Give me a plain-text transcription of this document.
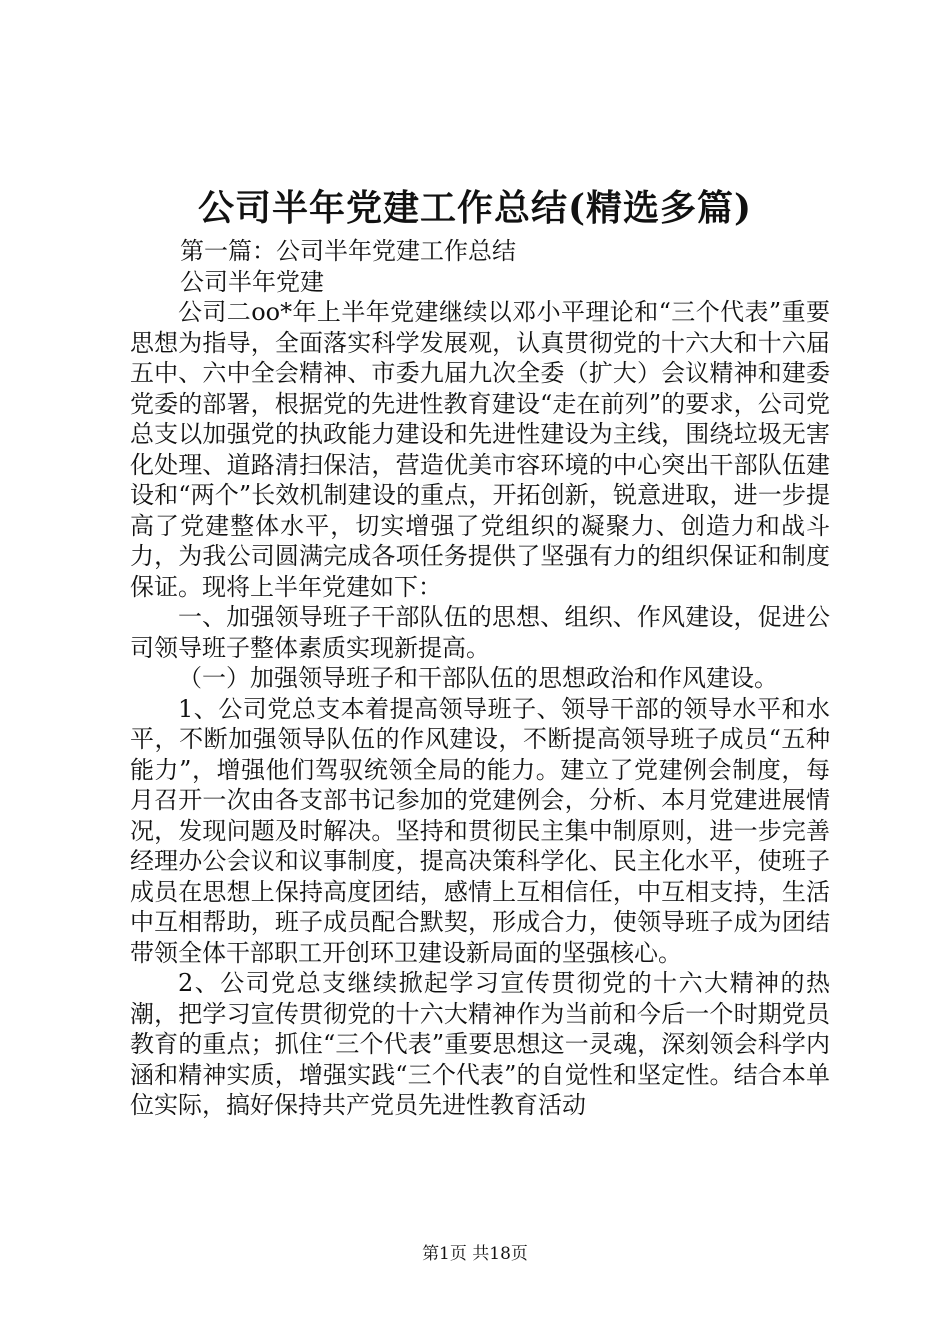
公司半年党建工作总结(精选多篇)

第一篇：公司半年党建工作总结

公司半年党建

公司二oo*年上半年党建继续以邓小平理论和“三个代表”重要思想为指导，全面落实科学发展观，认真贯彻党的十六大和十六届五中、六中全会精神、市委九届九次全委（扩大）会议精神和建委党委的部署，根据党的先进性教育建设“走在前列”的要求，公司党总支以加强党的执政能力建设和先进性建设为主线，围绕垃圾无害化处理、道路清扫保洁，营造优美市容环境的中心突出干部队伍建设和“两个”长效机制建设的重点，开拓创新，锐意进取，进一步提高了党建整体水平，切实增强了党组织的凝聚力、创造力和战斗力，为我公司圆满完成各项任务提供了坚强有力的组织保证和制度保证。现将上半年党建如下：

一、加强领导班子干部队伍的思想、组织、作风建设，促进公司领导班子整体素质实现新提高。

（一）加强领导班子和干部队伍的思想政治和作风建设。

1、公司党总支本着提高领导班子、领导干部的领导水平和水平，不断加强领导队伍的作风建设，不断提高领导班子成员“五种能力”，增强他们驾驭统领全局的能力。建立了党建例会制度，每月召开一次由各支部书记参加的党建例会，分析、本月党建进展情况，发现问题及时解决。坚持和贯彻民主集中制原则，进一步完善经理办公会议和议事制度，提高决策科学化、民主化水平，使班子成员在思想上保持高度团结，感情上互相信任，中互相支持，生活中互相帮助，班子成员配合默契，形成合力，使领导班子成为团结带领全体干部职工开创环卫建设新局面的坚强核心。

2、公司党总支继续掀起学习宣传贯彻党的十六大精神的热潮，把学习宣传贯彻党的十六大精神作为当前和今后一个时期党员教育的重点；抓住“三个代表”重要思想这一灵魂，深刻领会科学内涵和精神实质，增强实践“三个代表”的自觉性和坚定性。结合本单位实际，搞好保持共产党员先进性教育活动

第1页 共18页
